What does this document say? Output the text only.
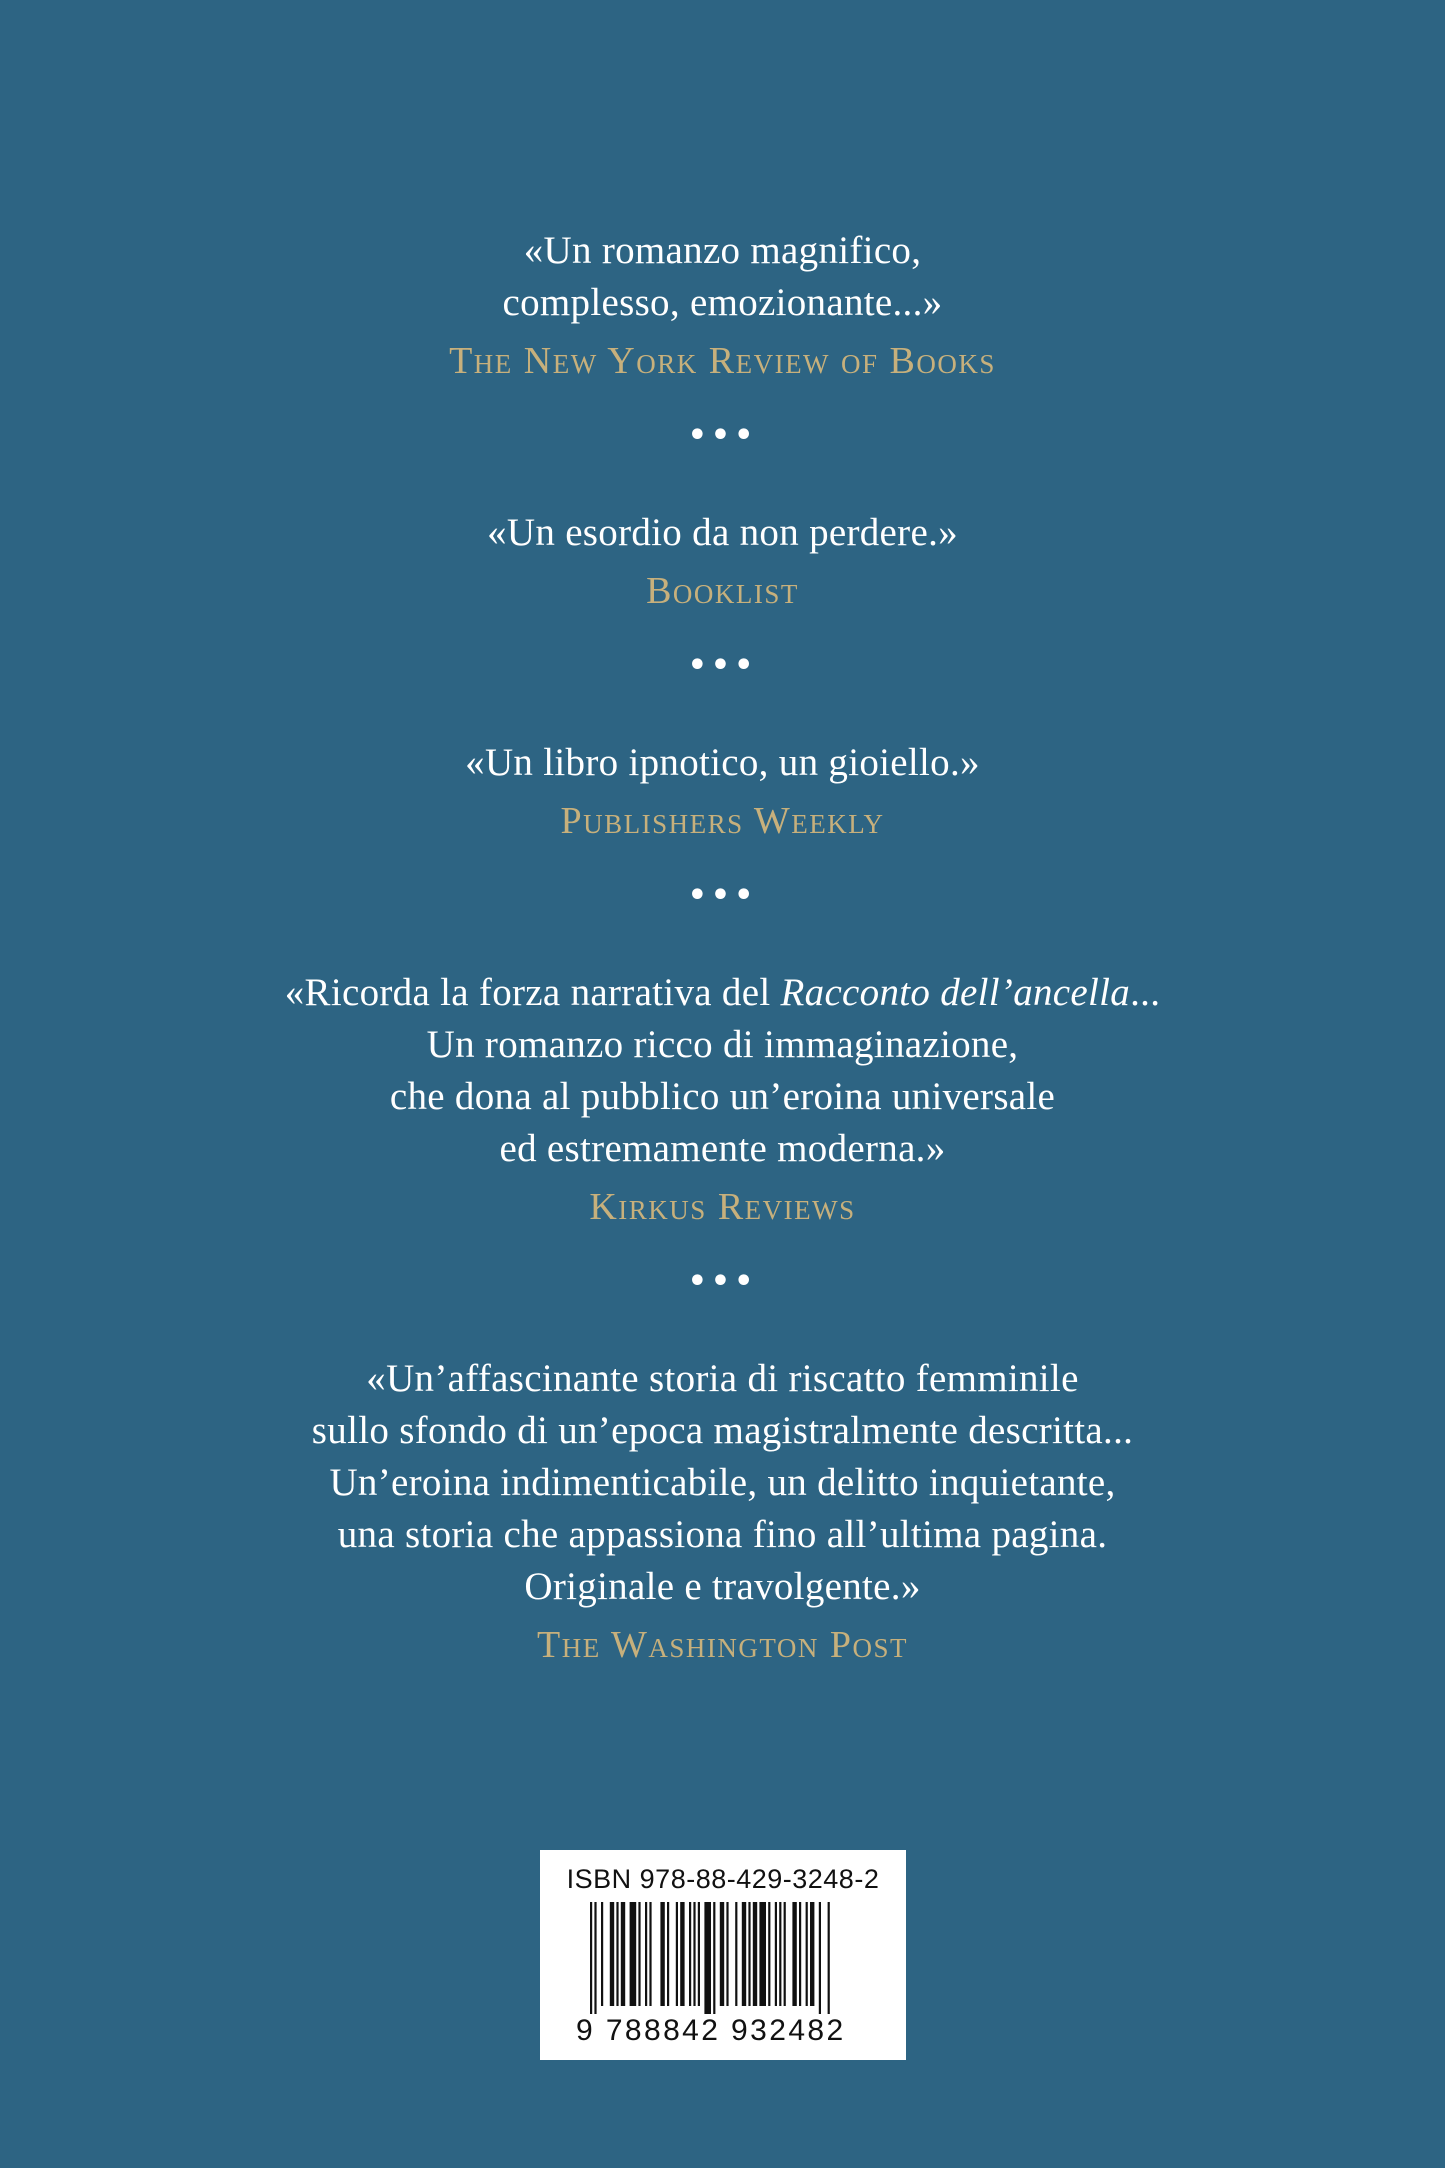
«Un romanzo magnifico,
complesso, emozionante...»
The New York Review of Books
•••
«Un esordio da non perdere.»
Booklist
•••
«Un libro ipnotico, un gioiello.»
Publishers Weekly
•••
«Ricorda la forza narrativa del Racconto dell’ancella...
Un romanzo ricco di immaginazione,
che dona al pubblico un’eroina universale
ed estremamente moderna.»
Kirkus Reviews
•••
«Un’affascinante storia di riscatto femminile
sullo sfondo di un’epoca magistralmente descritta...
Un’eroina indimenticabile, un delitto inquietante,
una storia che appassiona fino all’ultima pagina.
Originale e travolgente.»
The Washington Post
ISBN 978-88-429-3248-2
9 788842 932482
